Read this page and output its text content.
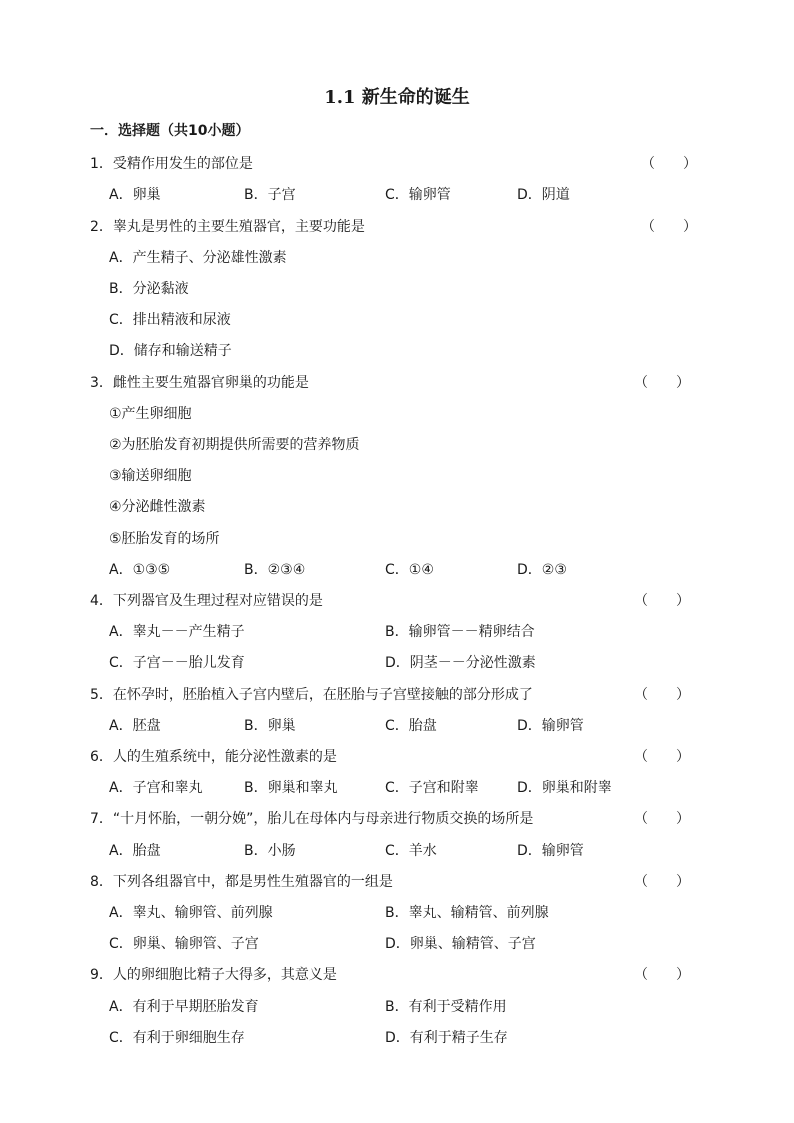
1.1 新生命的诞生
一．选择题（共10小题）
1．受精作用发生的部位是	（　　）
A．卵巢	B．子宫	C．输卵管	D．阴道
2．睾丸是男性的主要生殖器官，主要功能是	（　　）
A．产生精子、分泌雄性激素
B．分泌黏液
C．排出精液和尿液
D．储存和输送精子
3．雌性主要生殖器官卵巢的功能是	（　　）
①产生卵细胞
②为胚胎发育初期提供所需要的营养物质
③输送卵细胞
④分泌雌性激素
⑤胚胎发育的场所
A．①③⑤	B．②③④	C．①④	D．②③
4．下列器官及生理过程对应错误的是	（　　）
A．睾丸－－产生精子	B．输卵管－－精卵结合
C．子宫－－胎儿发育	D．阴茎－－分泌性激素
5．在怀孕时，胚胎植入子宫内壁后，在胚胎与子宫壁接触的部分形成了	（　　）
A．胚盘	B．卵巢	C．胎盘	D．输卵管
6．人的生殖系统中，能分泌性激素的是	（　　）
A．子宫和睾丸	B．卵巢和睾丸	C．子宫和附睾	D．卵巢和附睾
7．“十月怀胎，一朝分娩”，胎儿在母体内与母亲进行物质交换的场所是	（　　）
A．胎盘	B．小肠	C．羊水	D．输卵管
8．下列各组器官中，都是男性生殖器官的一组是	（　　）
A．睾丸、输卵管、前列腺	B．睾丸、输精管、前列腺
C．卵巢、输卵管、子宫	D．卵巢、输精管、子宫
9．人的卵细胞比精子大得多，其意义是	（　　）
A．有利于早期胚胎发育	B．有利于受精作用
C．有利于卵细胞生存	D．有利于精子生存
